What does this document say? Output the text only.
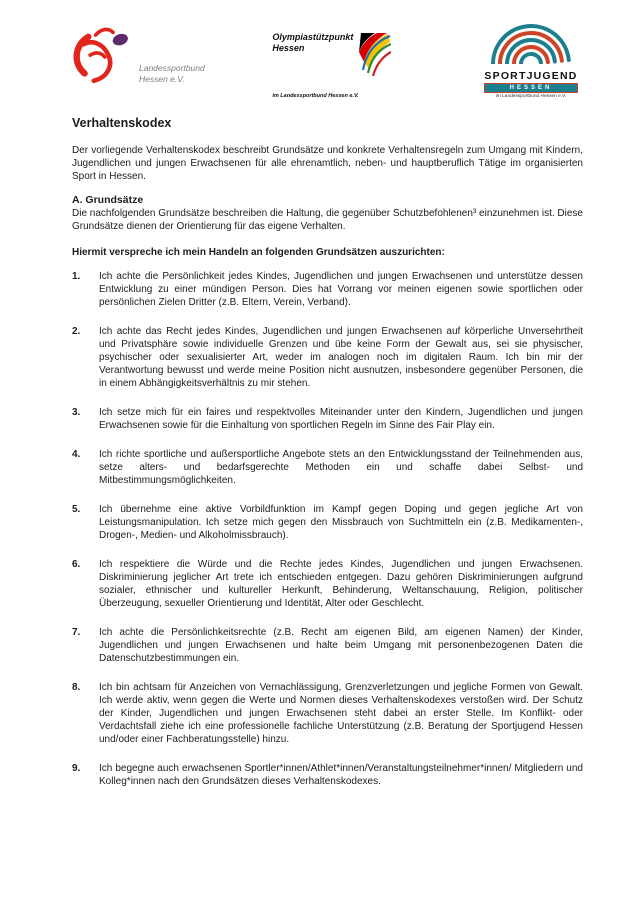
Landessportbund
Hessen e.V.
Olympiastützpunkt
Hessen
im Landessportbund Hessen e.V.
SPORTJUGEND
HESSEN
im Landessportbund Hessen e.V.
Verhaltenskodex

Der vorliegende Verhaltenskodex beschreibt Grundsätze und konkrete Verhaltensregeln zum Umgang mit Kindern, Jugendlichen und jungen Erwachsenen für alle ehrenamtlich, neben- und hauptberuflich Tätige im organisierten Sport in Hessen.

A. Grundsätze

Die nachfolgenden Grundsätze beschreiben die Haltung, die gegenüber Schutzbefohlenen³ einzunehmen ist. Diese Grundsätze dienen der Orientierung für das eigene Verhalten.

Hiermit verspreche ich mein Handeln an folgenden Grundsätzen auszurichten:
1.	Ich achte die Persönlichkeit jedes Kindes, Jugendlichen und jungen Erwachsenen und unterstütze dessen Entwicklung zu einer mündigen Person. Dies hat Vorrang vor meinen eigenen sowie sportlichen oder persönlichen Zielen Dritter (z.B. Eltern, Verein, Verband).
2.	Ich achte das Recht jedes Kindes, Jugendlichen und jungen Erwachsenen auf körperliche Unversehrtheit und Privatsphäre sowie individuelle Grenzen und übe keine Form der Gewalt aus, sei sie physischer, psychischer oder sexualisierter Art, weder im analogen noch im digitalen Raum. Ich bin mir der Verantwortung bewusst und werde meine Position nicht ausnutzen, insbesondere gegenüber Personen, die in einem Abhängigkeitsverhältnis zu mir stehen.
3.	Ich setze mich für ein faires und respektvolles Miteinander unter den Kindern, Jugendlichen und jungen Erwachsenen sowie für die Einhaltung von sportlichen Regeln im Sinne des Fair Play ein.
4.	Ich richte sportliche und außersportliche Angebote stets an den Entwicklungsstand der Teilnehmenden aus, setze alters- und bedarfsgerechte Methoden ein und schaffe dabei Selbst- und Mitbestimmungsmöglichkeiten.
5.	Ich übernehme eine aktive Vorbildfunktion im Kampf gegen Doping und gegen jegliche Art von Leistungsmanipulation. Ich setze mich gegen den Missbrauch von Suchtmitteln ein (z.B. Medikamenten-, Drogen-, Medien- und Alkoholmissbrauch).
6.	Ich respektiere die Würde und die Rechte jedes Kindes, Jugendlichen und jungen Erwachsenen. Diskriminierung jeglicher Art trete ich entschieden entgegen. Dazu gehören Diskriminierungen aufgrund sozialer, ethnischer und kultureller Herkunft, Behinderung, Weltanschauung, Religion, politischer Überzeugung, sexueller Orientierung und Identität, Alter oder Geschlecht.
7.	Ich achte die Persönlichkeitsrechte (z.B. Recht am eigenen Bild, am eigenen Namen) der Kinder, Jugendlichen und jungen Erwachsenen und halte beim Umgang mit personenbezogenen Daten die Datenschutzbestimmungen ein.
8.	Ich bin achtsam für Anzeichen von Vernachlässigung, Grenzverletzungen und jegliche Formen von Gewalt. Ich werde aktiv, wenn gegen die Werte und Normen dieses Verhaltenskodexes verstoßen wird. Der Schutz der Kinder, Jugendlichen und jungen Erwachsenen steht dabei an erster Stelle. Im Konflikt- oder Verdachtsfall ziehe ich eine professionelle fachliche Unterstützung (z.B. Beratung der Sportjugend Hessen und/oder einer Fachberatungsstelle) hinzu.
9.	Ich begegne auch erwachsenen Sportler*innen/Athlet*innen/Veranstaltungsteilnehmer*innen/ Mitgliedern und Kolleg*innen nach den Grundsätzen dieses Verhaltenskodexes.
